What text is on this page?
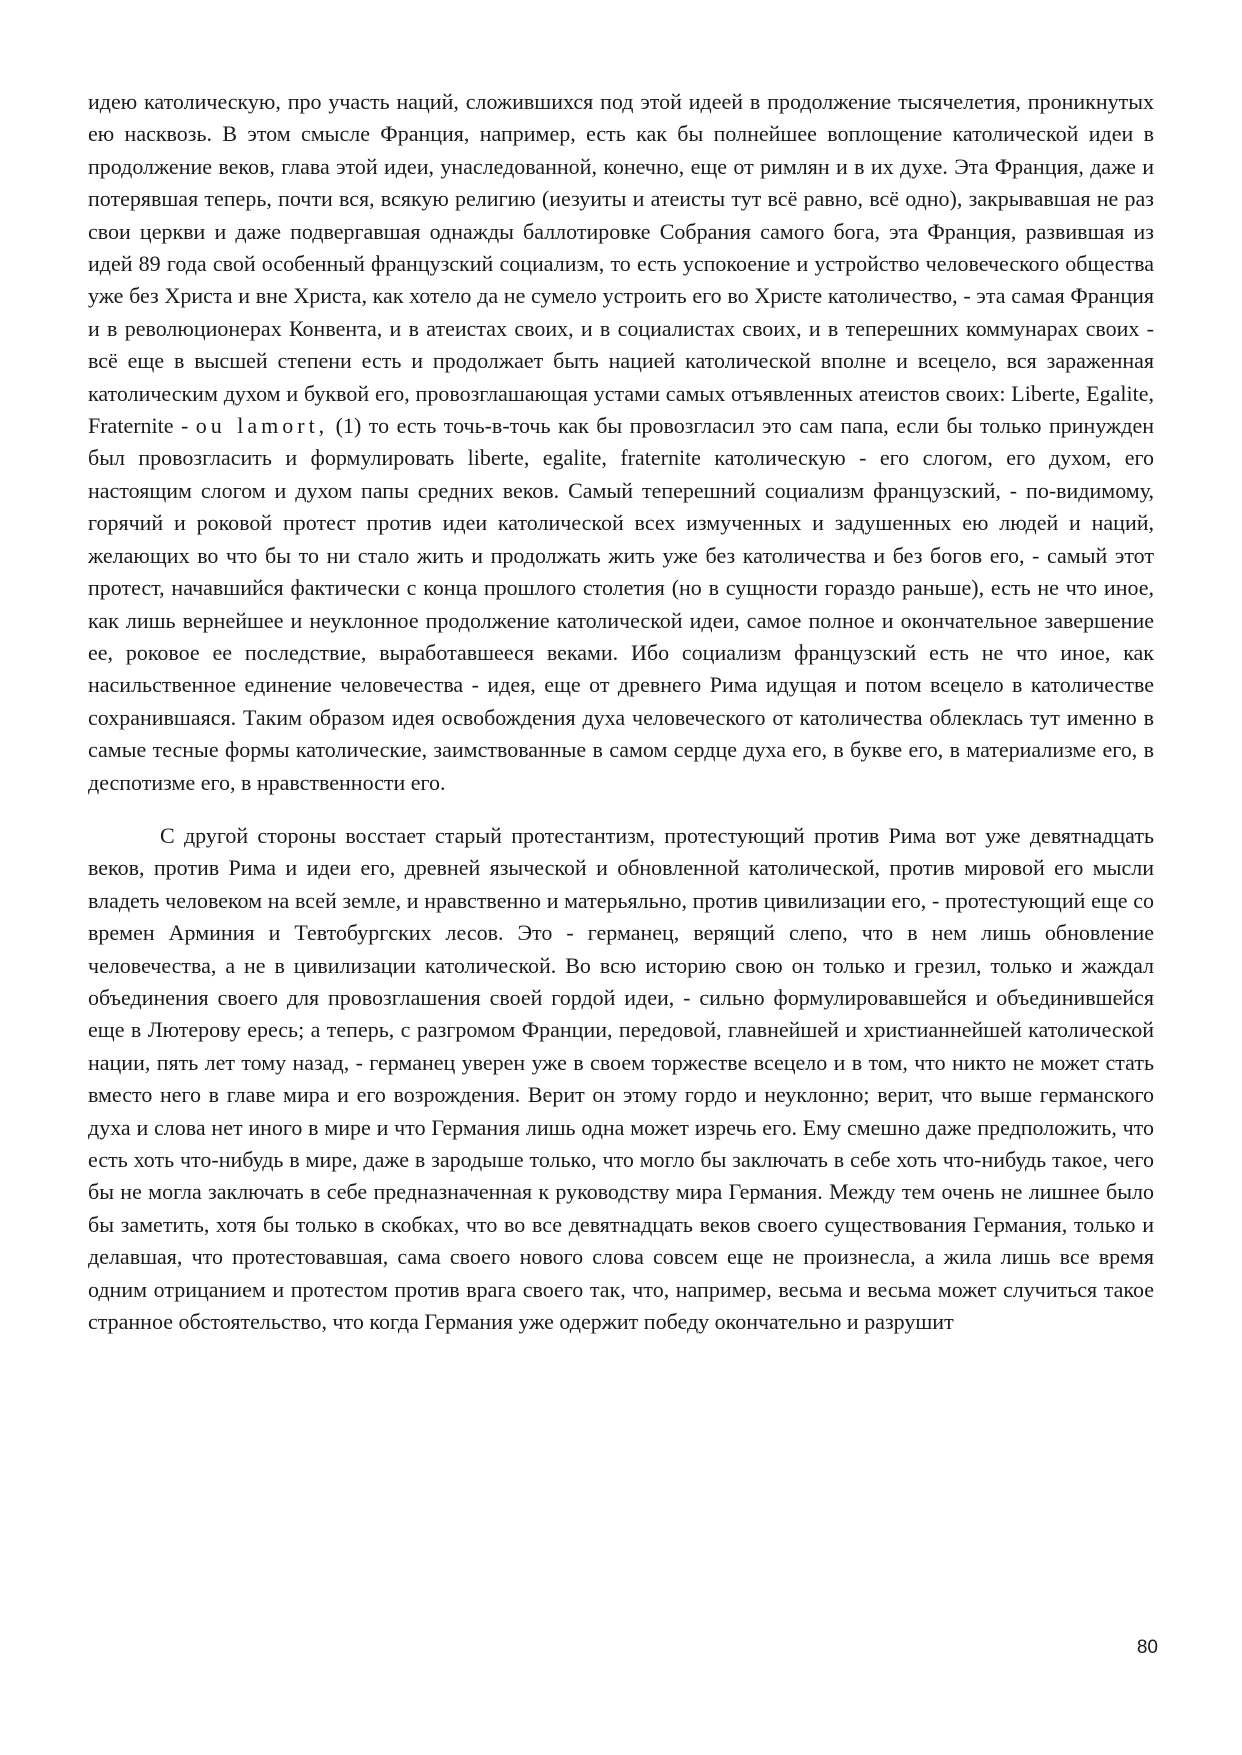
идею католическую, про участь наций, сложившихся под этой идеей в продолжение тысячелетия, проникнутых ею насквозь. В этом смысле Франция, например, есть как бы полнейшее воплощение католической идеи в продолжение веков, глава этой идеи, унаследованной, конечно, еще от римлян и в их духе. Эта Франция, даже и потерявшая теперь, почти вся, всякую религию (иезуиты и атеисты тут всё равно, всё одно), закрывавшая не раз свои церкви и даже подвергавшая однажды баллотировке Собрания самого бога, эта Франция, развившая из идей 89 года свой особенный французский социализм, то есть успокоение и устройство человеческого общества уже без Христа и вне Христа, как хотело да не сумело устроить его во Христе католичество, - эта самая Франция и в революционерах Конвента, и в атеистах своих, и в социалистах своих, и в теперешних коммунарах своих - всё еще в высшей степени есть и продолжает быть нацией католической вполне и всецело, вся зараженная католическим духом и буквой его, провозглашающая устами самых отъявленных атеистов своих: Liberte, Egalite, Fraternite - ou lamort, (1) то есть точь-в-точь как бы провозгласил это сам папа, если бы только принужден был провозгласить и формулировать liberte, egalite, fraternite католическую - его слогом, его духом, его настоящим слогом и духом папы средних веков. Самый теперешний социализм французский, - по-видимому, горячий и роковой протест против идеи католической всех измученных и задушенных ею людей и наций, желающих во что бы то ни стало жить и продолжать жить уже без католичества и без богов его, - самый этот протест, начавшийся фактически с конца прошлого столетия (но в сущности гораздо раньше), есть не что иное, как лишь вернейшее и неуклонное продолжение католической идеи, самое полное и окончательное завершение ее, роковое ее последствие, выработавшееся веками. Ибо социализм французский есть не что иное, как насильственное единение человечества - идея, еще от древнего Рима идущая и потом всецело в католичестве сохранившаяся. Таким образом идея освобождения духа человеческого от католичества облеклась тут именно в самые тесные формы католические, заимствованные в самом сердце духа его, в букве его, в материализме его, в деспотизме его, в нравственности его.

С другой стороны восстает старый протестантизм, протестующий против Рима вот уже девятнадцать веков, против Рима и идеи его, древней языческой и обновленной католической, против мировой его мысли владеть человеком на всей земле, и нравственно и матерьяльно, против цивилизации его, - протестующий еще со времен Арминия и Тевтобургских лесов. Это - германец, верящий слепо, что в нем лишь обновление человечества, а не в цивилизации католической. Во всю историю свою он только и грезил, только и жаждал объединения своего для провозглашения своей гордой идеи, - сильно формулировавшейся и объединившейся еще в Лютерову ересь; а теперь, с разгромом Франции, передовой, главнейшей и христианнейшей католической нации, пять лет тому назад, - германец уверен уже в своем торжестве всецело и в том, что никто не может стать вместо него в главе мира и его возрождения. Верит он этому гордо и неуклонно; верит, что выше германского духа и слова нет иного в мире и что Германия лишь одна может изречь его. Ему смешно даже предположить, что есть хоть что-нибудь в мире, даже в зародыше только, что могло бы заключать в себе хоть что-нибудь такое, чего бы не могла заключать в себе предназначенная к руководству мира Германия. Между тем очень не лишнее было бы заметить, хотя бы только в скобках, что во все девятнадцать веков своего существования Германия, только и делавшая, что протестовавшая, сама своего нового слова совсем еще не произнесла, а жила лишь все время одним отрицанием и протестом против врага своего так, что, например, весьма и весьма может случиться такое странное обстоятельство, что когда Германия уже одержит победу окончательно и разрушит

80
